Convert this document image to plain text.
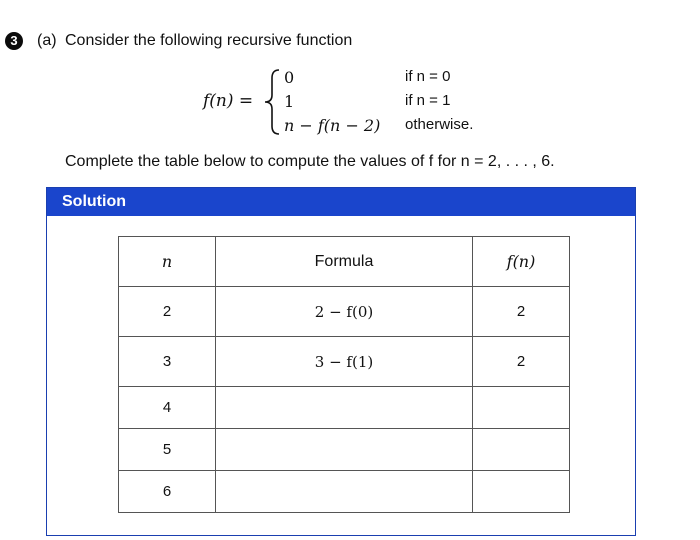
3	(a) Consider the following recursive function
f(n) =
0	if n = 0
1	if n = 1
n − f(n − 2) otherwise.
Complete the table below to compute the values of f for n = 2, . . . , 6.
Solution
n	Formula	f(n)
2	2 − f(0)	2
3	3 − f(1)	2
4		
5		
6		
